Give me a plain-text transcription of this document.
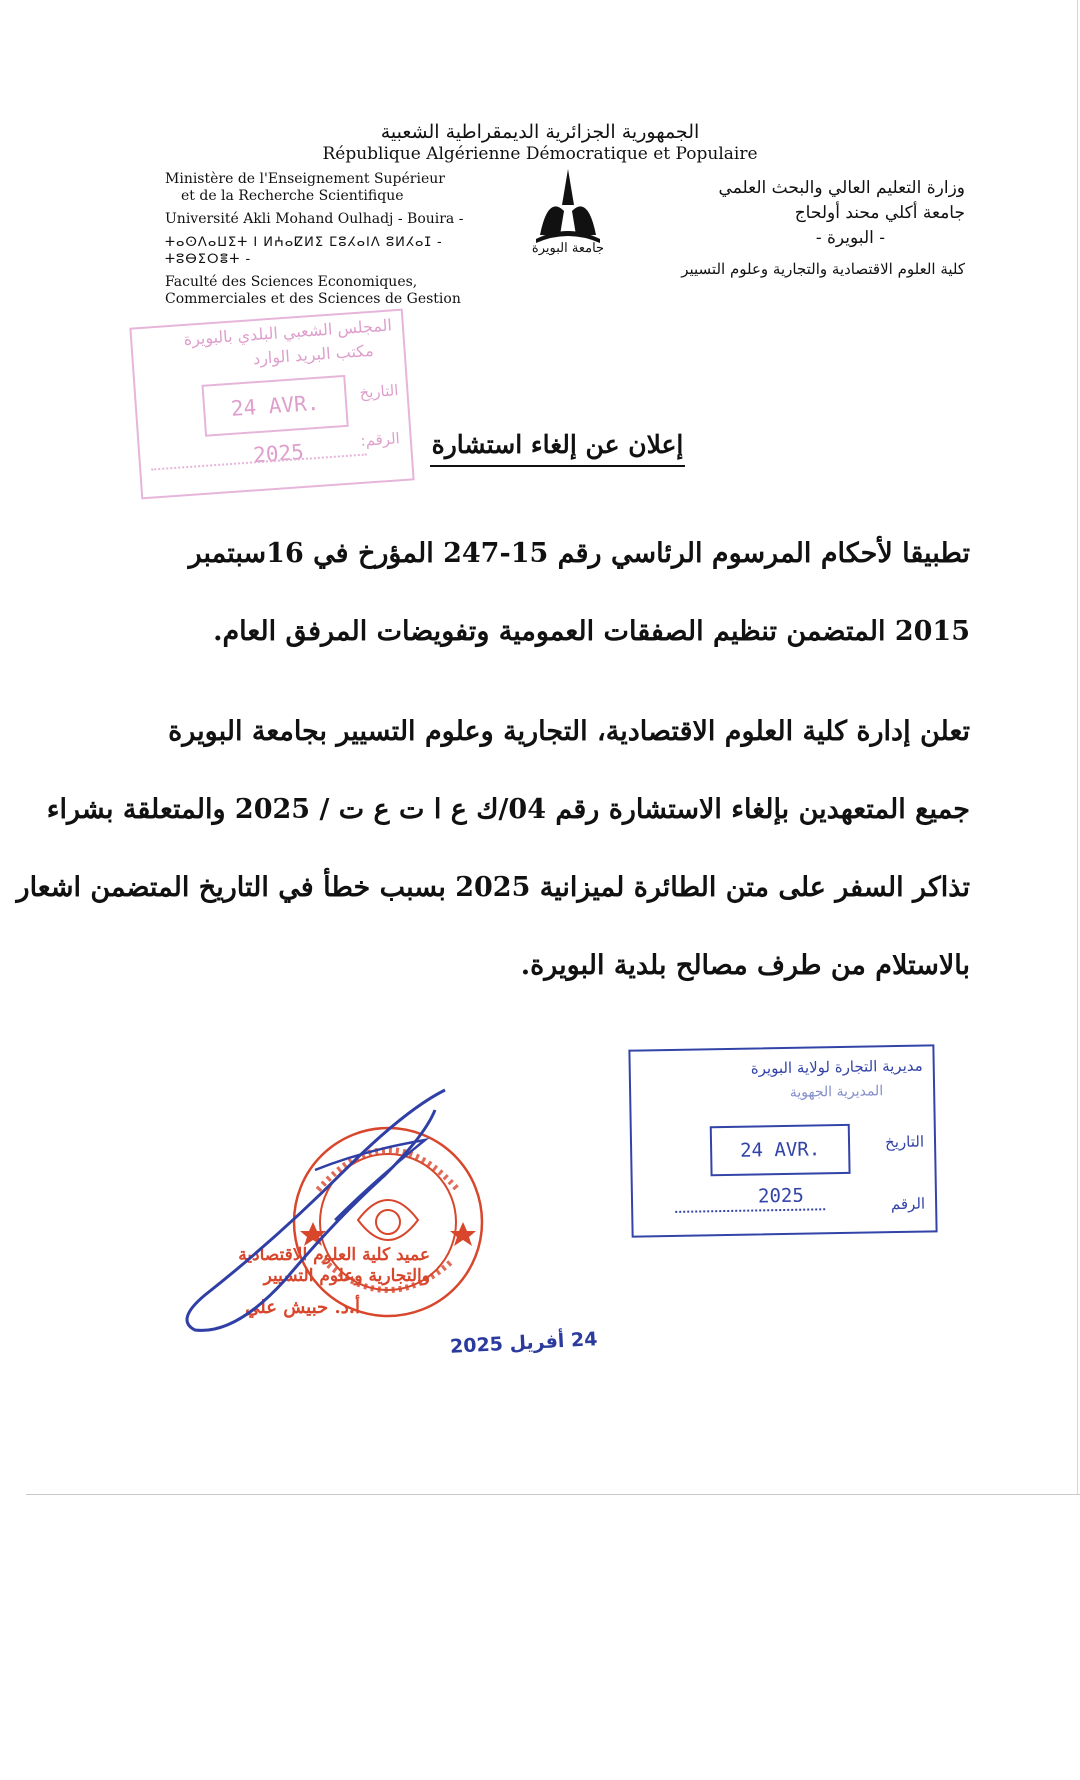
الجمهورية الجزائرية الديمقراطية الشعبية
République Algérienne Démocratique et Populaire
Ministère de l'Enseignement Supérieur
et de la Recherche Scientifique
Université Akli Mohand Oulhadj - Bouira -
ⵜⴰⵙⴷⴰⵡⵉⵜ ⵏ ⵍⵄⴰⵇⵍⵉ ⵎⵓⵃⴰⵏⴷ ⵓⵍⵃⴰⵊ - ⵜⵓⴱⵉⵔⴻⵜ -
Faculté des Sciences Economiques,
Commerciales et des Sciences de Gestion
وزارة التعليم العالي والبحث العلمي
جامعة أكلي محند أولحاج
- البويرة -
كلية العلوم الاقتصادية والتجارية وعلوم التسيير
جامعة البويرة
المجلس الشعبي البلدي بالبويرة
مكتب البريد الوارد
24 AVR. 2025
التاريخ
الرقم: إعلان عن إلغاء استشارة
تطبيقا لأحكام المرسوم الرئاسي رقم 15-247 المؤرخ في 16سبتمبر
2015 المتضمن تنظيم الصفقات العمومية وتفويضات المرفق العام.
تعلن إدارة كلية العلوم الاقتصادية، التجارية وعلوم التسيير بجامعة البويرة
جميع المتعهدين بإلغاء الاستشارة رقم 04/ك ع ا ت ع ت / 2025 والمتعلقة بشراء
تذاكر السفر على متن الطائرة لميزانية 2025 بسبب خطأ في التاريخ المتضمن اشعار
بالاستلام من طرف مصالح بلدية البويرة.
مديرية التجارة لولاية البويرة
المديرية الجهوية
24 AVR. 2025
التاريخ
الرقم
عميد كلية العلوم الاقتصادية
والتجارية وعلوم التسيير
أ.د. حبيش علي
24 أفريل 2025
